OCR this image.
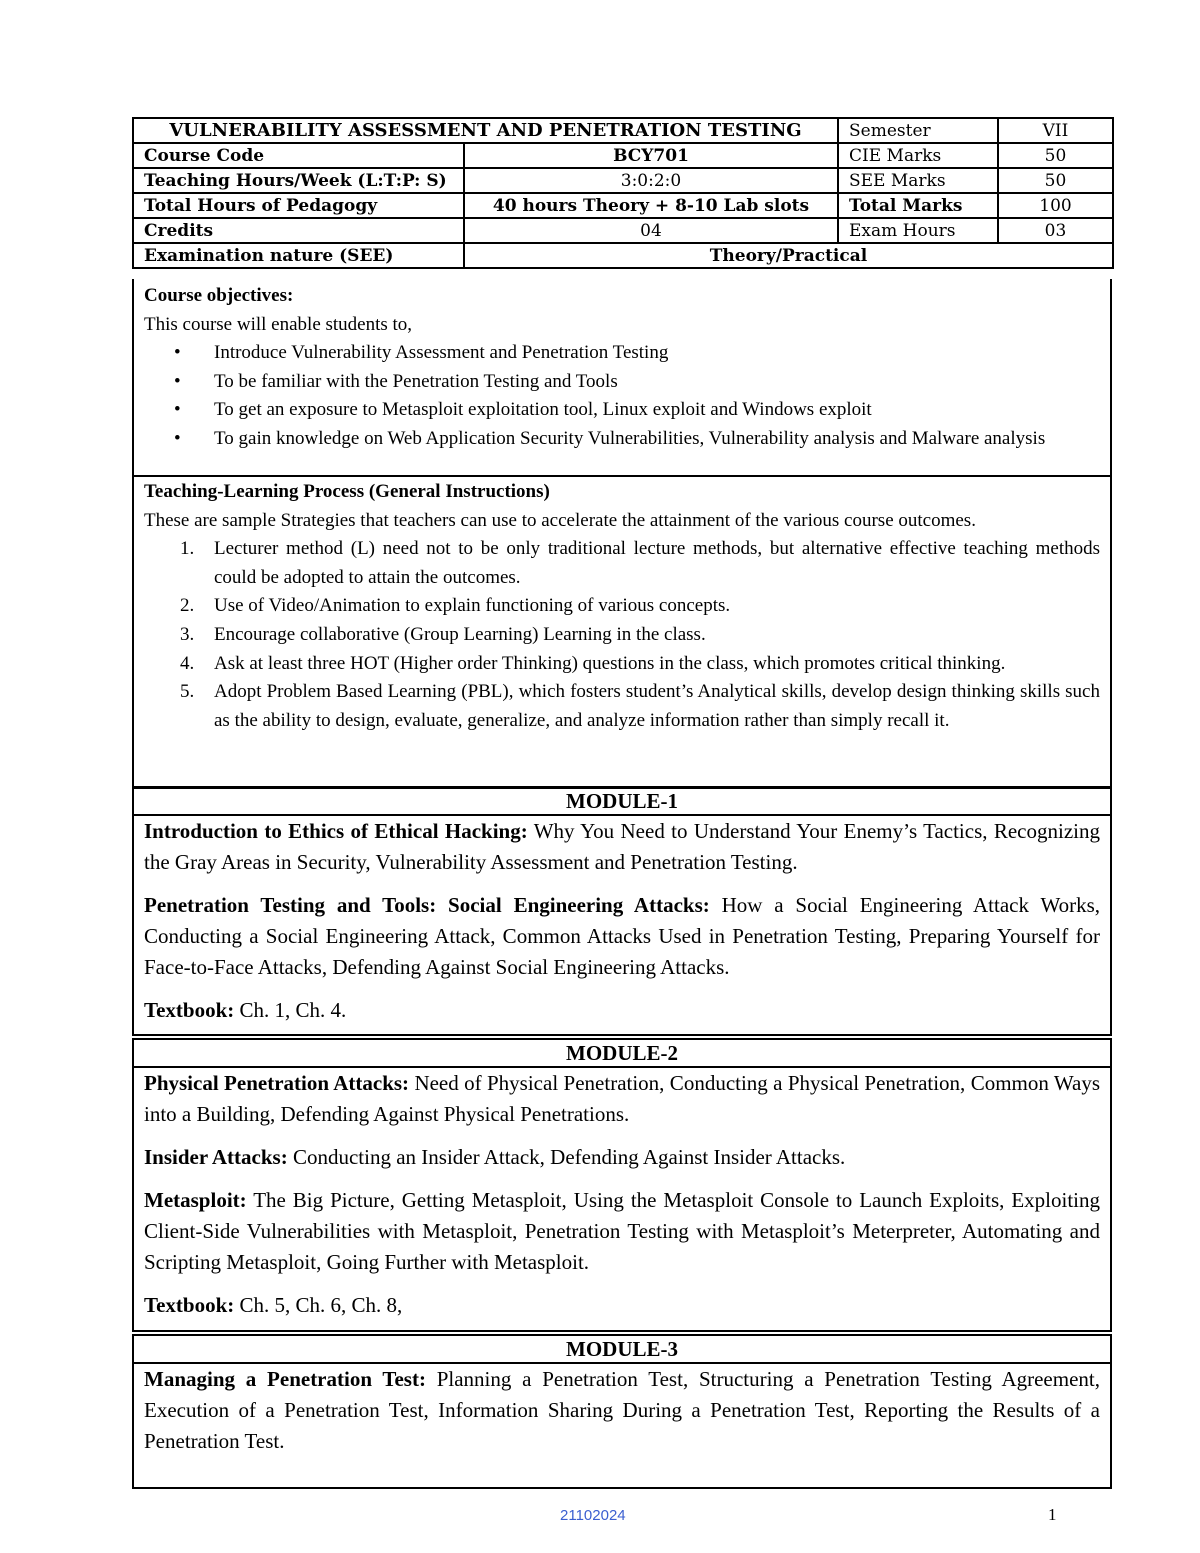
VULNERABILITY ASSESSMENT AND PENETRATION TESTING		Semester	VII
Course Code	BCY701	CIE Marks	50
Teaching Hours/Week (L:T:P: S)	3:0:2:0	SEE Marks	50
Total Hours of Pedagogy	40 hours Theory + 8-10 Lab slots	Total Marks	100
Credits	04	Exam Hours	03
Examination nature (SEE)	Theory/Practical		
Course objectives:
This course will enable students to,
• Introduce Vulnerability Assessment and Penetration Testing
• To be familiar with the Penetration Testing and Tools
• To get an exposure to Metasploit exploitation tool, Linux exploit and Windows exploit
• To gain knowledge on Web Application Security Vulnerabilities, Vulnerability analysis and Malware analysis
Teaching-Learning Process (General Instructions)
These are sample Strategies that teachers can use to accelerate the attainment of the various course outcomes.
1. Lecturer method (L) need not to be only traditional lecture methods, but alternative effective teaching methods could be adopted to attain the outcomes.
2. Use of Video/Animation to explain functioning of various concepts.
3. Encourage collaborative (Group Learning) Learning in the class.
4. Ask at least three HOT (Higher order Thinking) questions in the class, which promotes critical thinking.
5. Adopt Problem Based Learning (PBL), which fosters student’s Analytical skills, develop design thinking skills such as the ability to design, evaluate, generalize, and analyze information rather than simply recall it.
MODULE-1

Introduction to Ethics of Ethical Hacking: Why You Need to Understand Your Enemy’s Tactics, Recognizing the Gray Areas in Security, Vulnerability Assessment and Penetration Testing.

Penetration Testing and Tools: Social Engineering Attacks: How a Social Engineering Attack Works, Conducting a Social Engineering Attack, Common Attacks Used in Penetration Testing, Preparing Yourself for Face-to-Face Attacks, Defending Against Social Engineering Attacks.

Textbook: Ch. 1, Ch. 4.

MODULE-2

Physical Penetration Attacks: Need of Physical Penetration, Conducting a Physical Penetration, Common Ways into a Building, Defending Against Physical Penetrations.

Insider Attacks: Conducting an Insider Attack, Defending Against Insider Attacks.

Metasploit: The Big Picture, Getting Metasploit, Using the Metasploit Console to Launch Exploits, Exploiting Client-Side Vulnerabilities with Metasploit, Penetration Testing with Metasploit’s Meterpreter, Automating and Scripting Metasploit, Going Further with Metasploit.

Textbook: Ch. 5, Ch. 6, Ch. 8,

MODULE-3

Managing a Penetration Test: Planning a Penetration Test, Structuring a Penetration Testing Agreement, Execution of a Penetration Test, Information Sharing During a Penetration Test, Reporting the Results of a Penetration Test.

21102024	1
